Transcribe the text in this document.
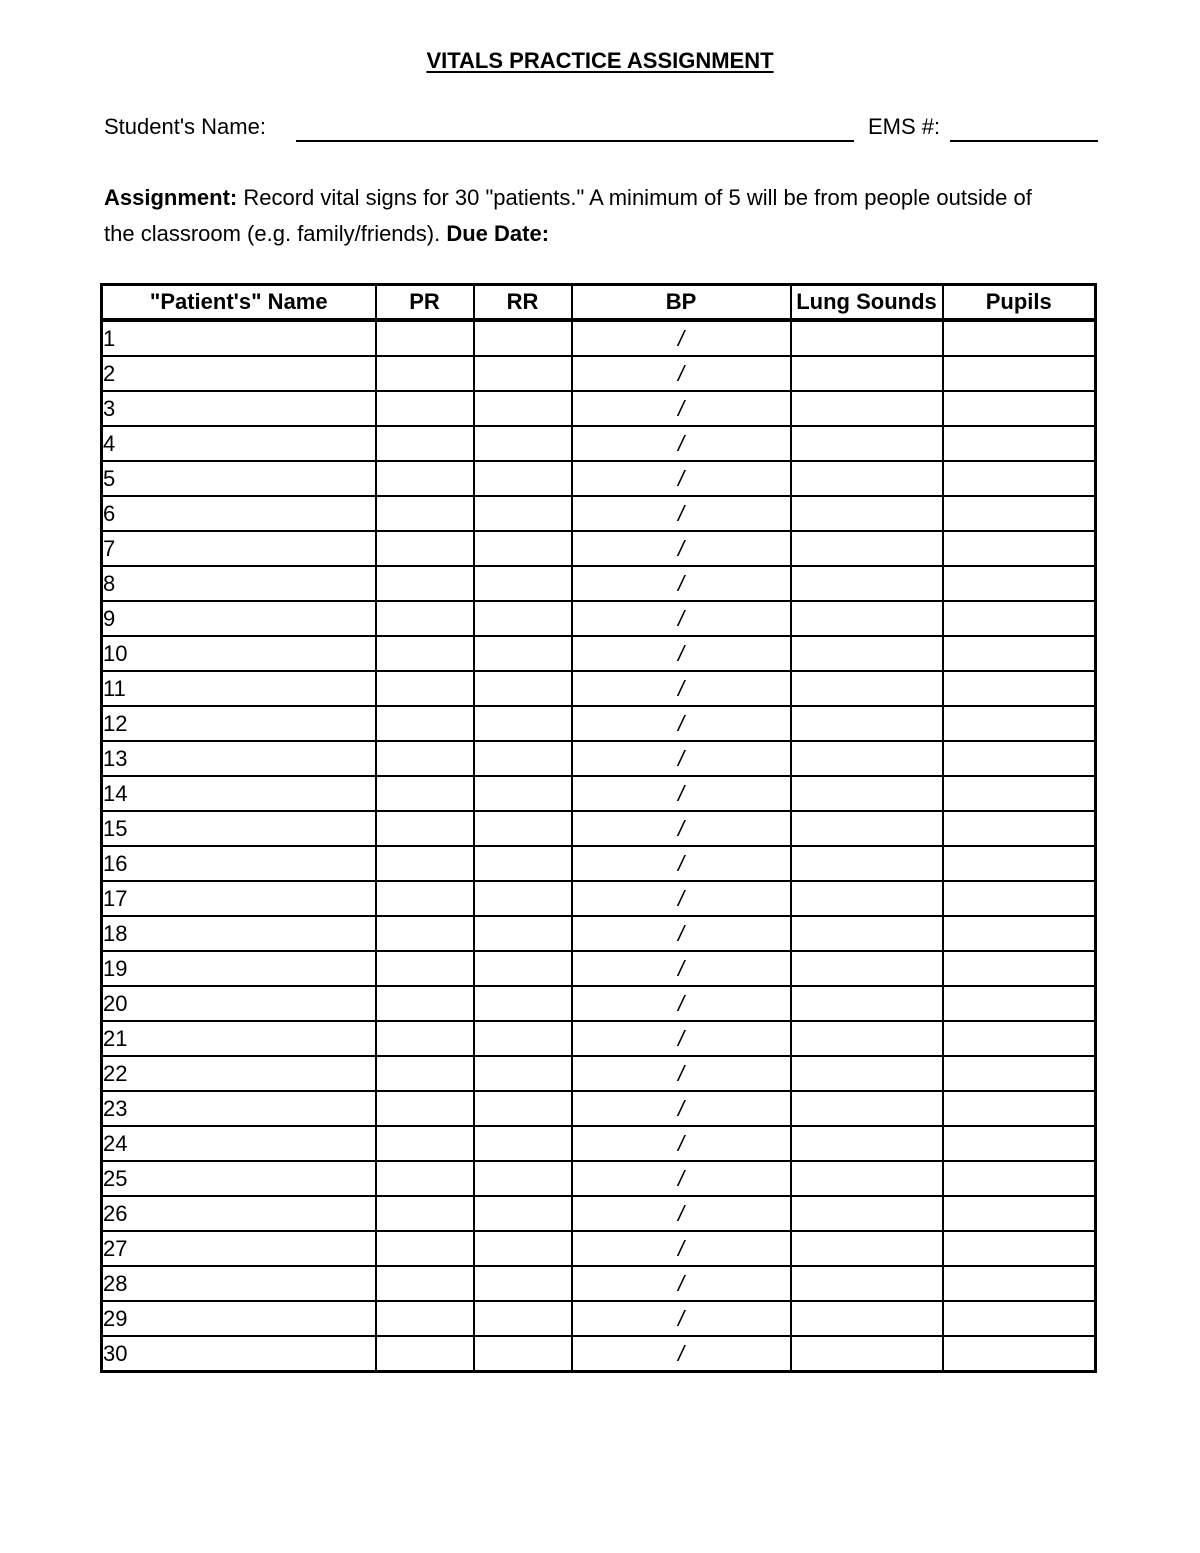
VITALS PRACTICE ASSIGNMENT
Student's Name:	EMS #:
Assignment: Record vital signs for 30 "patients." A minimum of 5 will be from people outside of the classroom (e.g. family/friends). Due Date:
"Patient's" Name	PR	RR	BP	Lung Sounds	Pupils
1			/		
2			/		
3			/		
4			/		
5			/		
6			/		
7			/		
8			/		
9			/		
10			/		
11			/		
12			/		
13			/		
14			/		
15			/		
16			/		
17			/		
18			/		
19			/		
20			/		
21			/		
22			/		
23			/		
24			/		
25			/		
26			/		
27			/		
28			/		
29			/		
30			/		
